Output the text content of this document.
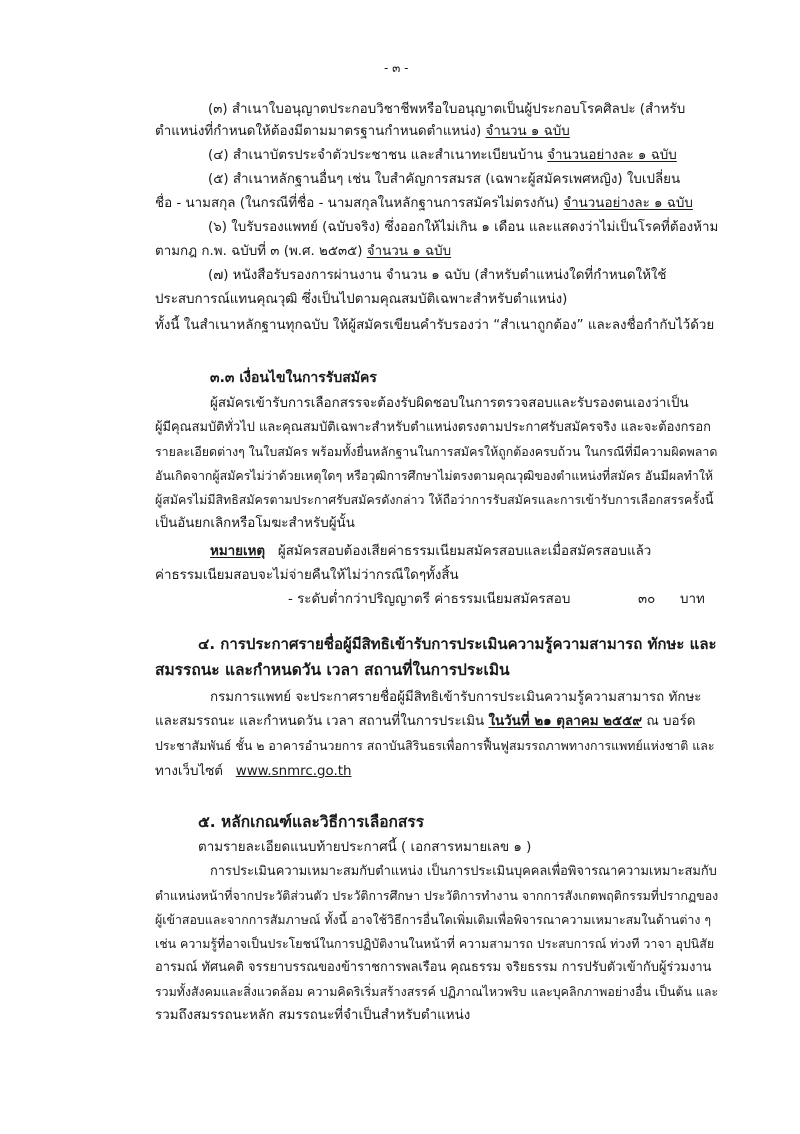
- ๓ -
(๓) สำเนาใบอนุญาตประกอบวิชาชีพหรือใบอนุญาตเป็นผู้ประกอบโรคศิลปะ (สำหรับ
ตำแหน่งที่กำหนดให้ต้องมีตามมาตรฐานกำหนดตำแหน่ง) จำนวน ๑ ฉบับ
(๔) สำเนาบัตรประจำตัวประชาชน และสำเนาทะเบียนบ้าน จำนวนอย่างละ ๑ ฉบับ
(๕) สำเนาหลักฐานอื่นๆ เช่น ใบสำคัญการสมรส (เฉพาะผู้สมัครเพศหญิง) ใบเปลี่ยน
ชื่อ - นามสกุล (ในกรณีที่ชื่อ - นามสกุลในหลักฐานการสมัครไม่ตรงกัน) จำนวนอย่างละ ๑ ฉบับ
(๖) ใบรับรองแพทย์ (ฉบับจริง) ซึ่งออกให้ไม่เกิน ๑ เดือน และแสดงว่าไม่เป็นโรคที่ต้องห้าม
ตามกฎ ก.พ. ฉบับที่ ๓ (พ.ศ. ๒๕๓๕) จำนวน ๑ ฉบับ
(๗) หนังสือรับรองการผ่านงาน จำนวน ๑ ฉบับ (สำหรับตำแหน่งใดที่กำหนดให้ใช้
ประสบการณ์แทนคุณวุฒิ ซึ่งเป็นไปตามคุณสมบัติเฉพาะสำหรับตำแหน่ง)
ทั้งนี้ ในสำเนาหลักฐานทุกฉบับ ให้ผู้สมัครเขียนคำรับรองว่า “สำเนาถูกต้อง” และลงชื่อกำกับไว้ด้วย
๓.๓ เงื่อนไขในการรับสมัคร
ผู้สมัครเข้ารับการเลือกสรรจะต้องรับผิดชอบในการตรวจสอบและรับรองตนเองว่าเป็น
ผู้มีคุณสมบัติทั่วไป และคุณสมบัติเฉพาะสำหรับตำแหน่งตรงตามประกาศรับสมัครจริง และจะต้องกรอก
รายละเอียดต่างๆ ในใบสมัคร พร้อมทั้งยื่นหลักฐานในการสมัครให้ถูกต้องครบถ้วน ในกรณีที่มีความผิดพลาด
อันเกิดจากผู้สมัครไม่ว่าด้วยเหตุใดๆ หรือวุฒิการศึกษาไม่ตรงตามคุณวุฒิของตำแหน่งที่สมัคร อันมีผลทำให้
ผู้สมัครไม่มีสิทธิสมัครตามประกาศรับสมัครดังกล่าว ให้ถือว่าการรับสมัครและการเข้ารับการเลือกสรรครั้งนี้
เป็นอันยกเลิกหรือโมฆะสำหรับผู้นั้น
หมายเหตุ ผู้สมัครสอบต้องเสียค่าธรรมเนียมสมัครสอบและเมื่อสมัครสอบแล้ว
ค่าธรรมเนียมสอบจะไม่จ่ายคืนให้ไม่ว่ากรณีใดๆทั้งสิ้น
- ระดับต่ำกว่าปริญญาตรี ค่าธรรมเนียมสมัครสอบ	๓๐ บาท
๔. การประกาศรายชื่อผู้มีสิทธิเข้ารับการประเมินความรู้ความสามารถ ทักษะ และ
สมรรถนะ และกำหนดวัน เวลา สถานที่ในการประเมิน
กรมการแพทย์ จะประกาศรายชื่อผู้มีสิทธิเข้ารับการประเมินความรู้ความสามารถ ทักษะ
และสมรรถนะ และกำหนดวัน เวลา สถานที่ในการประเมิน ในวันที่ ๒๑ ตุลาคม ๒๕๕๙ ณ บอร์ด
ประชาสัมพันธ์ ชั้น ๒ อาคารอำนวยการ สถาบันสิรินธรเพื่อการฟื้นฟูสมรรถภาพทางการแพทย์แห่งชาติ และ
ทางเว็บไซต์ www.snmrc.go.th
๕. หลักเกณฑ์และวิธีการเลือกสรร
ตามรายละเอียดแนบท้ายประกาศนี้ ( เอกสารหมายเลข ๑ )
การประเมินความเหมาะสมกับตำแหน่ง เป็นการประเมินบุคคลเพื่อพิจารณาความเหมาะสมกับ
ตำแหน่งหน้าที่จากประวัติส่วนตัว ประวัติการศึกษา ประวัติการทำงาน จากการสังเกตพฤติกรรมที่ปรากฏของ
ผู้เข้าสอบและจากการสัมภาษณ์ ทั้งนี้ อาจใช้วิธีการอื่นใดเพิ่มเติมเพื่อพิจารณาความเหมาะสมในด้านต่าง ๆ
เช่น ความรู้ที่อาจเป็นประโยชน์ในการปฏิบัติงานในหน้าที่ ความสามารถ ประสบการณ์ ท่วงที วาจา อุปนิสัย
อารมณ์ ทัศนคติ จรรยาบรรณของข้าราชการพลเรือน คุณธรรม จริยธรรม การปรับตัวเข้ากับผู้ร่วมงาน
รวมทั้งสังคมและสิ่งแวดล้อม ความคิดริเริ่มสร้างสรรค์ ปฏิภาณไหวพริบ และบุคลิกภาพอย่างอื่น เป็นต้น และ
รวมถึงสมรรถนะหลัก สมรรถนะที่จำเป็นสำหรับตำแหน่ง
